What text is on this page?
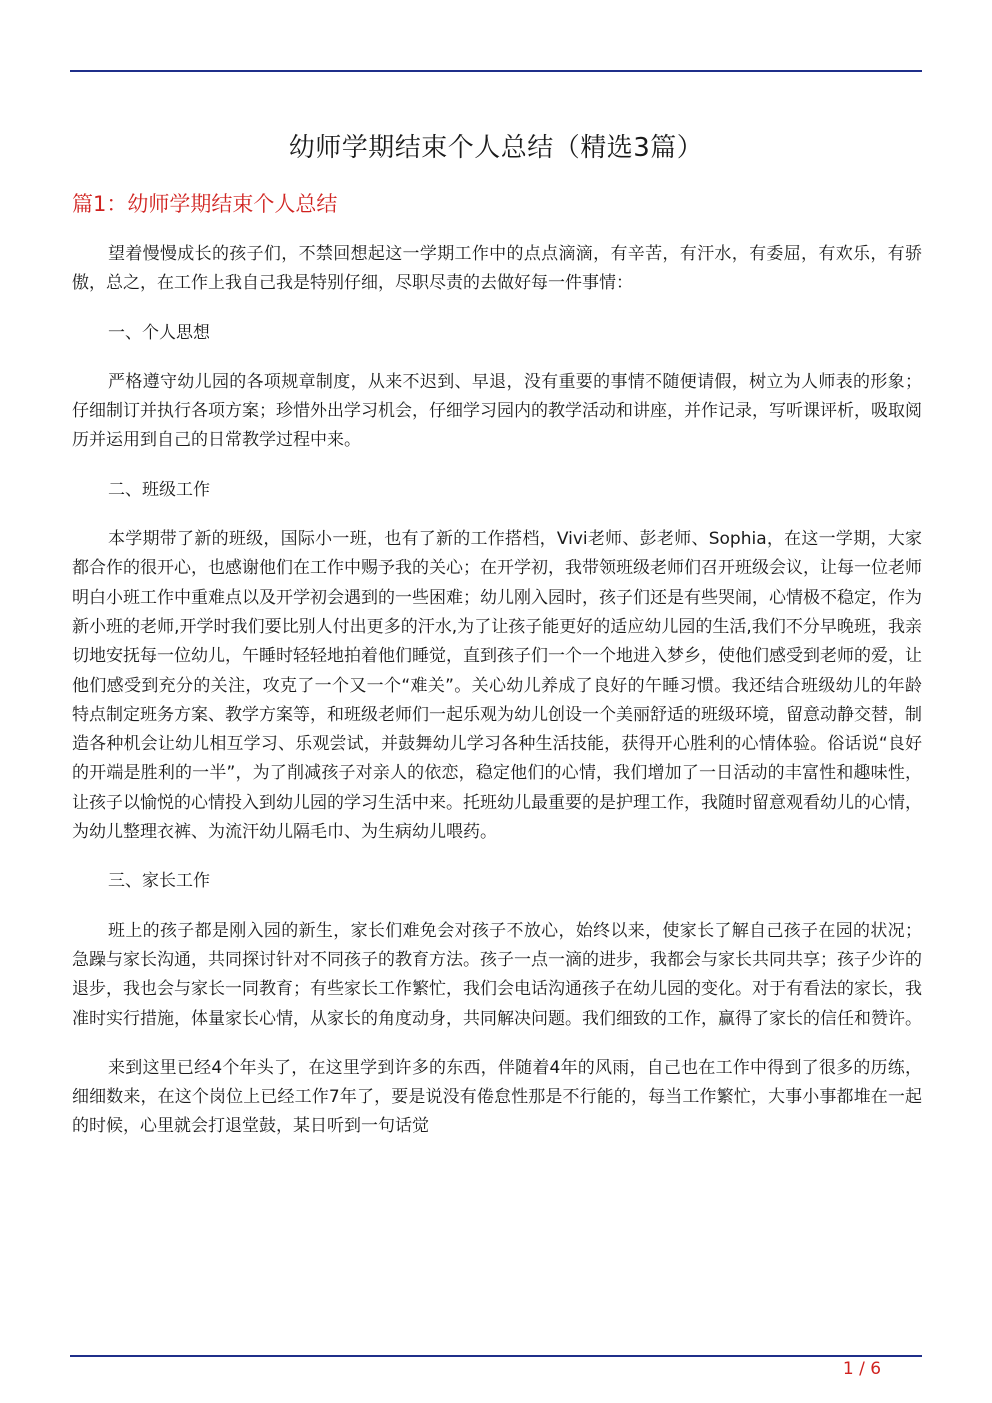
幼师学期结束个人总结（精选3篇）
篇1：幼师学期结束个人总结

望着慢慢成长的孩子们，不禁回想起这一学期工作中的点点滴滴，有辛苦，有汗水，有委屈，有欢乐，有骄傲，总之，在工作上我自己我是特别仔细，尽职尽责的去做好每一件事情：

一、个人思想

严格遵守幼儿园的各项规章制度，从来不迟到、早退，没有重要的事情不随便请假，树立为人师表的形象；仔细制订并执行各项方案；珍惜外出学习机会，仔细学习园内的教学活动和讲座，并作记录，写听课评析，吸取阅历并运用到自己的日常教学过程中来。

二、班级工作

本学期带了新的班级，国际小一班，也有了新的工作搭档，Vivi老师、彭老师、Sophia，在这一学期，大家都合作的很开心，也感谢他们在工作中赐予我的关心；在开学初，我带领班级老师们召开班级会议，让每一位老师明白小班工作中重难点以及开学初会遇到的一些困难；幼儿刚入园时，孩子们还是有些哭闹，心情极不稳定，作为新小班的老师,开学时我们要比别人付出更多的汗水,为了让孩子能更好的适应幼儿园的生活,我们不分早晚班，我亲切地安抚每一位幼儿，午睡时轻轻地拍着他们睡觉，直到孩子们一个一个地进入梦乡，使他们感受到老师的爱，让他们感受到充分的关注，攻克了一个又一个“难关”。关心幼儿养成了良好的午睡习惯。我还结合班级幼儿的年龄特点制定班务方案、教学方案等，和班级老师们一起乐观为幼儿创设一个美丽舒适的班级环境，留意动静交替，制造各种机会让幼儿相互学习、乐观尝试，并鼓舞幼儿学习各种生活技能，获得开心胜利的心情体验。俗话说“良好的开端是胜利的一半”，为了削减孩子对亲人的依恋，稳定他们的心情，我们增加了一日活动的丰富性和趣味性，让孩子以愉悦的心情投入到幼儿园的学习生活中来。托班幼儿最重要的是护理工作，我随时留意观看幼儿的心情，为幼儿整理衣裤、为流汗幼儿隔毛巾、为生病幼儿喂药。

三、家长工作

班上的孩子都是刚入园的新生，家长们难免会对孩子不放心，始终以来，使家长了解自己孩子在园的状况；急躁与家长沟通，共同探讨针对不同孩子的教育方法。孩子一点一滴的进步，我都会与家长共同共享；孩子少许的退步，我也会与家长一同教育；有些家长工作繁忙，我们会电话沟通孩子在幼儿园的变化。对于有看法的家长，我准时实行措施，体量家长心情，从家长的角度动身，共同解决问题。我们细致的工作，赢得了家长的信任和赞许。

来到这里已经4个年头了，在这里学到许多的东西，伴随着4年的风雨，自己也在工作中得到了很多的历练，细细数来，在这个岗位上已经工作7年了，要是说没有倦怠性那是不行能的，每当工作繁忙，大事小事都堆在一起的时候，心里就会打退堂鼓，某日听到一句话觉

1 / 6
